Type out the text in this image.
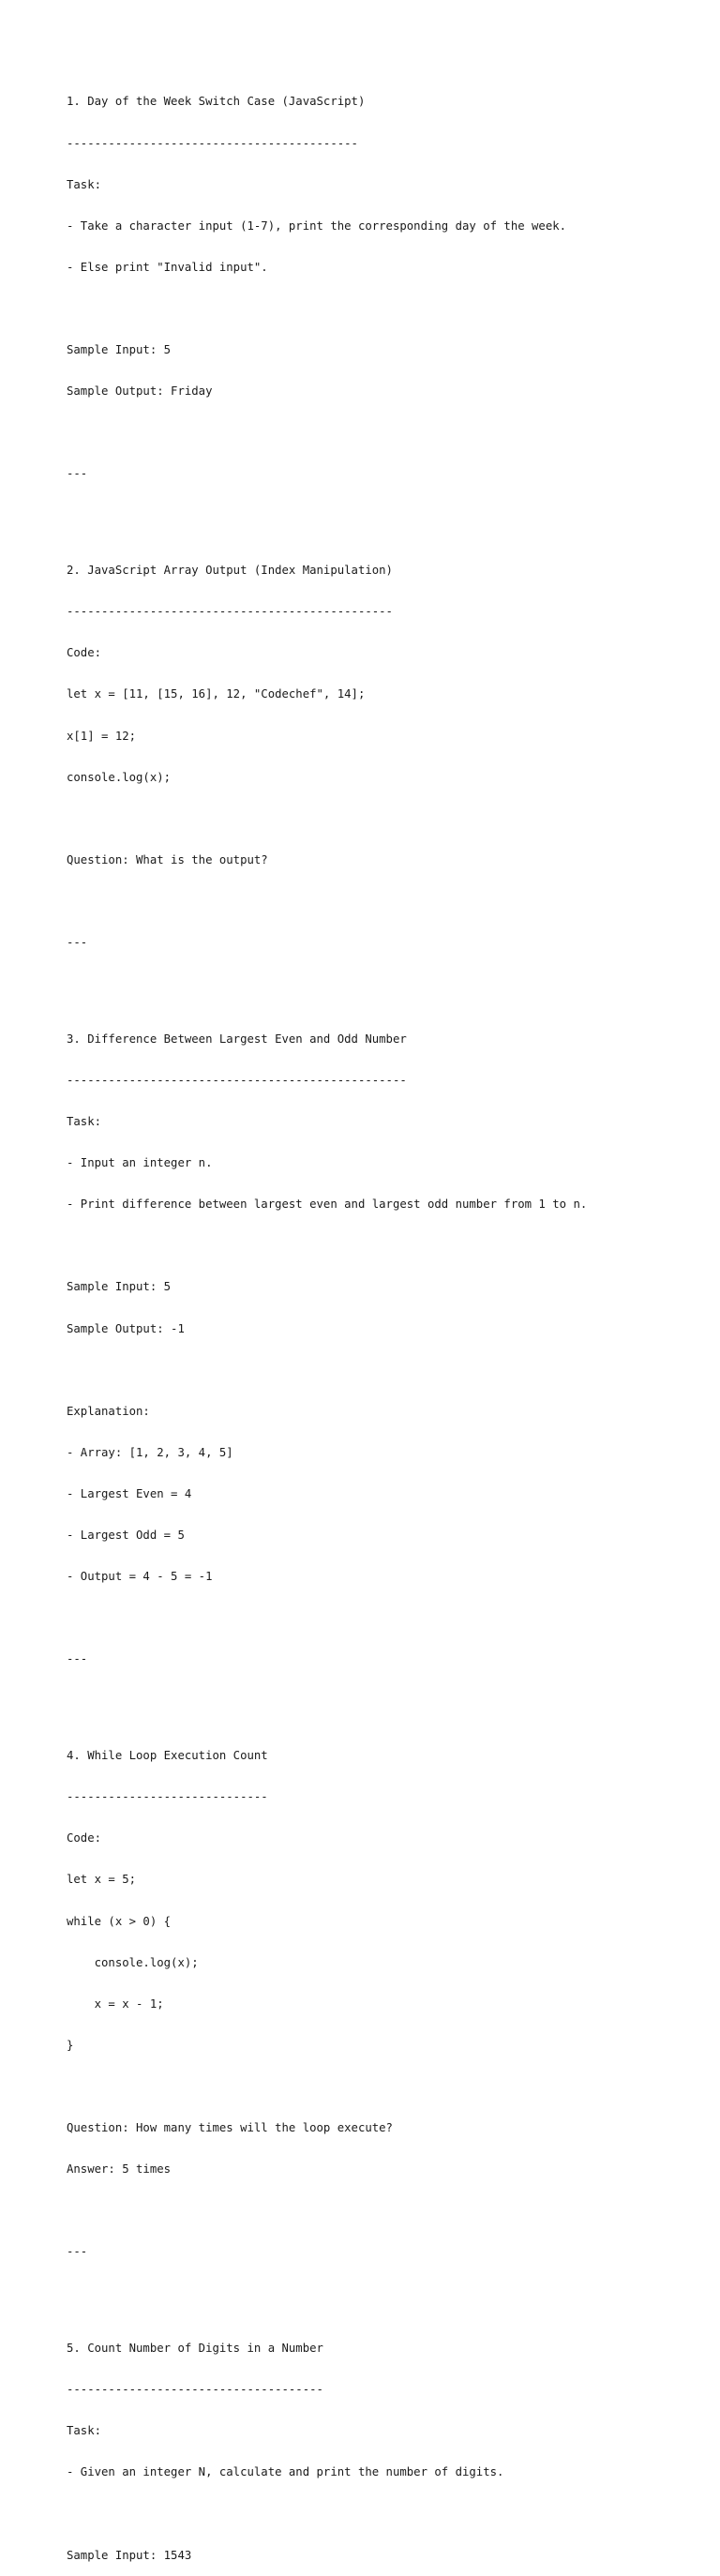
1. Day of the Week Switch Case (JavaScript)

------------------------------------------

Task:

- Take a character input (1-7), print the corresponding day of the week.

- Else print "Invalid input".

Sample Input: 5

Sample Output: Friday

---

2. JavaScript Array Output (Index Manipulation)

-----------------------------------------------

Code:

let x = [11, [15, 16], 12, "Codechef", 14];

x[1] = 12;

console.log(x);

Question: What is the output?

---

3. Difference Between Largest Even and Odd Number

-------------------------------------------------

Task:

- Input an integer n.

- Print difference between largest even and largest odd number from 1 to n.

Sample Input: 5

Sample Output: -1

Explanation:

- Array: [1, 2, 3, 4, 5]

- Largest Even = 4

- Largest Odd = 5

- Output = 4 - 5 = -1

---

4. While Loop Execution Count

-----------------------------

Code:

let x = 5;

while (x > 0) {

console.log(x);

x = x - 1;

}

Question: How many times will the loop execute?

Answer: 5 times

---

5. Count Number of Digits in a Number

-------------------------------------

Task:

- Given an integer N, calculate and print the number of digits.

Sample Input: 1543
